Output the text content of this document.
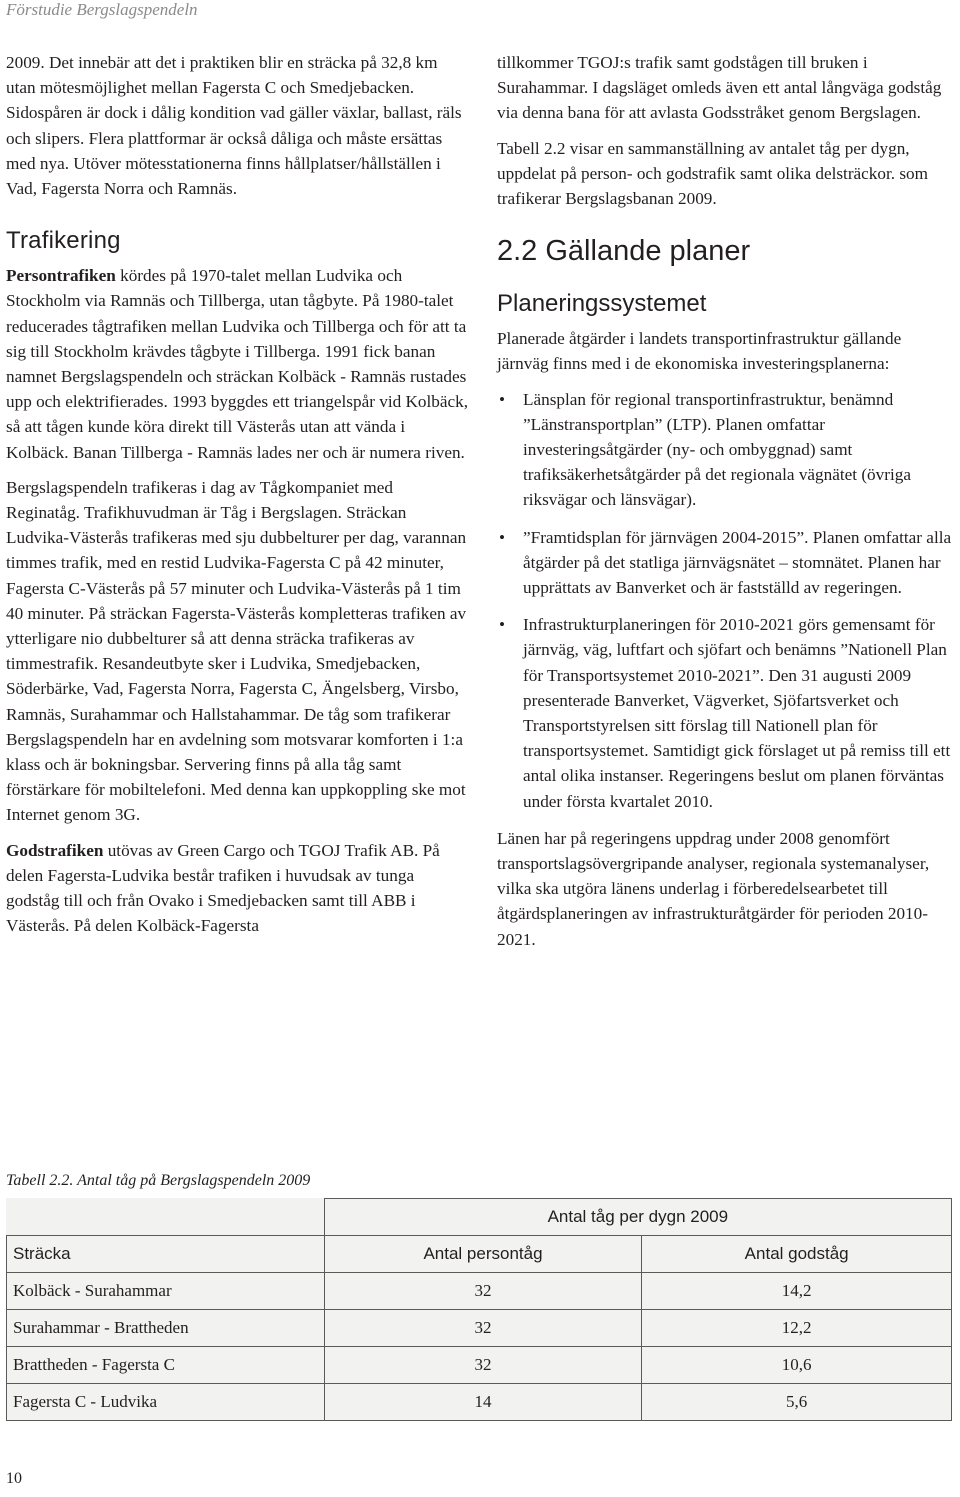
Förstudie Bergslagspendeln

2009. Det innebär att det i praktiken blir en sträcka på 32,8 km utan mötesmöjlighet mellan Fagersta C och Smedjebacken. Sidospåren är dock i dålig kondition vad gäller växlar, ballast, räls och slipers. Flera plattformar är också dåliga och måste ersättas med nya. Utöver mötesstationerna finns hållplatser/hållställen i Vad, Fagersta Norra och Ramnäs.

Trafikering

Persontrafiken kördes på 1970-talet mellan Ludvika och Stockholm via Ramnäs och Tillberga, utan tågbyte. På 1980-talet reducerades tågtrafiken mellan Ludvika och Tillberga och för att ta sig till Stockholm krävdes tågbyte i Tillberga. 1991 fick banan namnet Bergslagspendeln och sträckan Kolbäck - Ramnäs rustades upp och elektrifierades. 1993 byggdes ett triangelspår vid Kolbäck, så att tågen kunde köra direkt till Västerås utan att vända i Kolbäck. Banan Tillberga - Ramnäs lades ner och är numera riven.

Bergslagspendeln trafikeras i dag av Tågkompaniet med Reginatåg. Trafikhuvudman är Tåg i Bergslagen. Sträckan Ludvika-Västerås trafikeras med sju dubbelturer per dag, varannan timmes trafik, med en restid Ludvika-Fagersta C på 42 minuter, Fagersta C-Västerås på 57 minuter och Ludvika-Västerås på 1 tim 40 minuter. På sträckan Fagersta-Västerås kompletteras trafiken av ytterligare nio dubbelturer så att denna sträcka trafikeras av timmestrafik. Resandeutbyte sker i Ludvika, Smedjebacken, Söderbärke, Vad, Fagersta Norra, Fagersta C, Ängelsberg, Virsbo, Ramnäs, Surahammar och Hallstahammar. De tåg som trafikerar Bergslagspendeln har en avdelning som motsvarar komforten i 1:a klass och är bokningsbar. Servering finns på alla tåg samt förstärkare för mobiltelefoni. Med denna kan uppkoppling ske mot Internet genom 3G.

Godstrafiken utövas av Green Cargo och TGOJ Trafik AB. På delen Fagersta-Ludvika består trafiken i huvudsak av tunga godståg till och från Ovako i Smedjebacken samt till ABB i Västerås. På delen Kolbäck-Fagersta

tillkommer TGOJ:s trafik samt godstågen till bruken i Surahammar. I dagsläget omleds även ett antal långväga godståg via denna bana för att avlasta Godsstråket genom Bergslagen.

Tabell 2.2 visar en sammanställning av antalet tåg per dygn, uppdelat på person- och godstrafik samt olika delsträckor. som trafikerar Bergslagsbanan 2009.

2.2 Gällande planer
Planeringssystemet

Planerade åtgärder i landets transportinfrastruktur gällande järnväg finns med i de ekonomiska investeringsplanerna:

• Länsplan för regional transportinfrastruktur, benämnd ”Länstransportplan” (LTP). Planen omfattar investeringsåtgärder (ny- och ombyggnad) samt trafiksäkerhetsåtgärder på det regionala vägnätet (övriga riksvägar och länsvägar).
• ”Framtidsplan för järnvägen 2004-2015”. Planen omfattar alla åtgärder på det statliga järnvägsnätet – stomnätet. Planen har upprättats av Banverket och är fastställd av regeringen.
• Infrastrukturplaneringen för 2010-2021 görs gemensamt för järnväg, väg, luftfart och sjöfart och benämns ”Nationell Plan för Transportsystemet 2010-2021”. Den 31 augusti 2009 presenterade Banverket, Vägverket, Sjöfartsverket och Transportstyrelsen sitt förslag till Nationell plan för transportsystemet. Samtidigt gick förslaget ut på remiss till ett antal olika instanser. Regeringens beslut om planen förväntas under första kvartalet 2010.

Länen har på regeringens uppdrag under 2008 genomfört transportslagsövergripande analyser, regionala systemanalyser, vilka ska utgöra länens underlag i förberedelsearbetet till åtgärdsplaneringen av infrastrukturåtgärder för perioden 2010-2021.

Tabell 2.2. Antal tåg på Bergslagspendeln 2009
	Antal tåg per dygn 2009	
Sträcka	Antal persontåg	Antal godståg
Kolbäck - Surahammar	32	14,2
Surahammar - Brattheden	32	12,2
Brattheden - Fagersta C	32	10,6
Fagersta C - Ludvika	14	5,6
10
